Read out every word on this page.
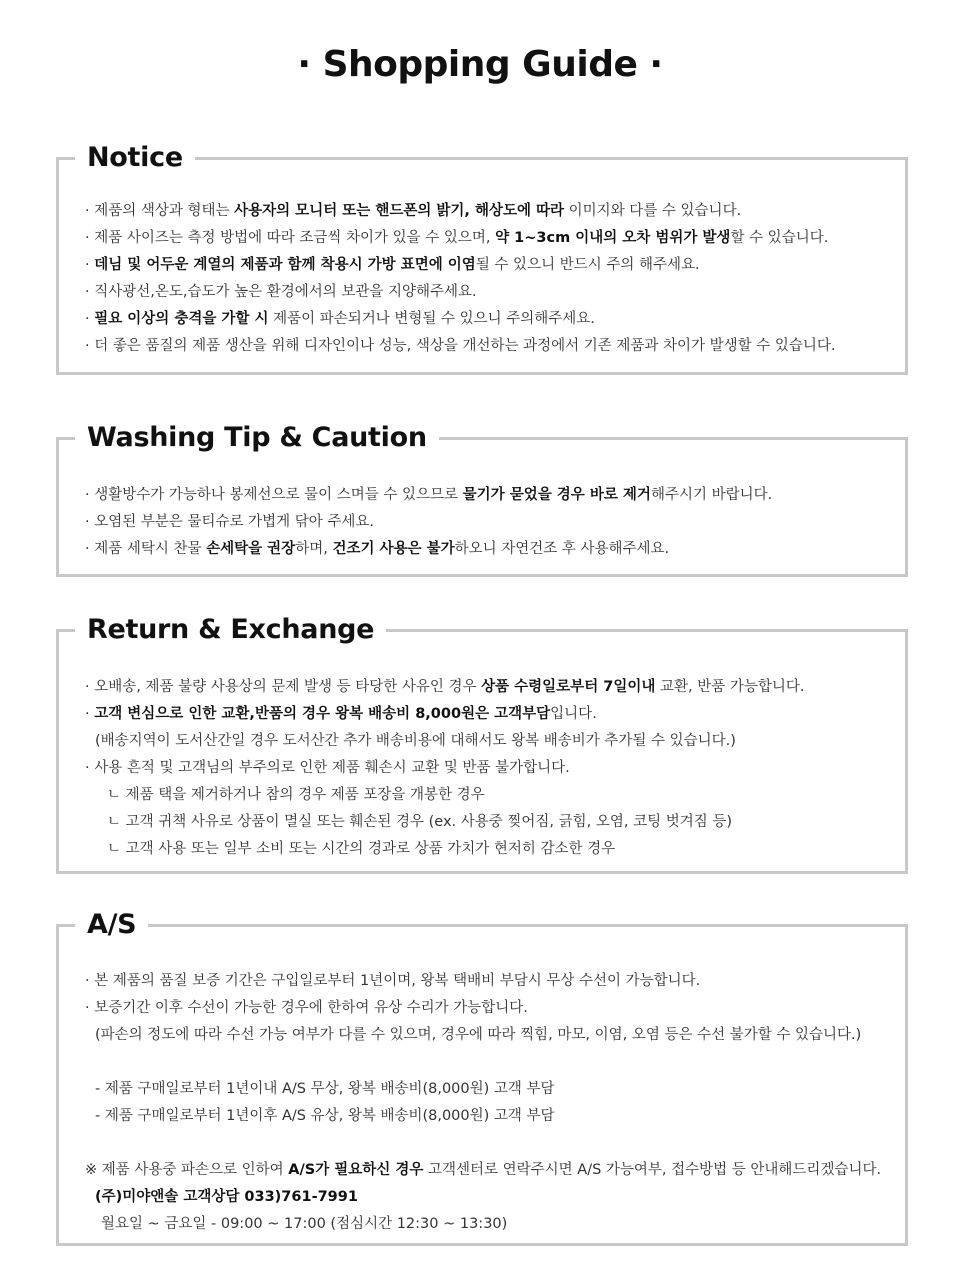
· Shopping Guide ·
Notice
· 제품의 색상과 형태는 사용자의 모니터 또는 핸드폰의 밝기, 해상도에 따라 이미지와 다를 수 있습니다.
· 제품 사이즈는 측정 방법에 따라 조금씩 차이가 있을 수 있으며, 약 1~3cm 이내의 오차 범위가 발생할 수 있습니다.
· 데님 및 어두운 계열의 제품과 함께 착용시 가방 표면에 이염될 수 있으니 반드시 주의 해주세요.
· 직사광선,온도,습도가 높은 환경에서의 보관을 지양해주세요.
· 필요 이상의 충격을 가할 시 제품이 파손되거나 변형될 수 있으니 주의해주세요.
· 더 좋은 품질의 제품 생산을 위해 디자인이나 성능, 색상을 개선하는 과정에서 기존 제품과 차이가 발생할 수 있습니다.
Washing Tip & Caution
· 생활방수가 가능하나 봉제선으로 물이 스며들 수 있으므로 물기가 묻었을 경우 바로 제거해주시기 바랍니다.
· 오염된 부분은 물티슈로 가볍게 닦아 주세요.
· 제품 세탁시 찬물 손세탁을 권장하며, 건조기 사용은 불가하오니 자연건조 후 사용해주세요.
Return & Exchange
· 오배송, 제품 불량 사용상의 문제 발생 등 타당한 사유인 경우 상품 수령일로부터 7일이내 교환, 반품 가능합니다.
· 고객 변심으로 인한 교환,반품의 경우 왕복 배송비 8,000원은 고객부담입니다.
(배송지역이 도서산간일 경우 도서산간 추가 배송비용에 대해서도 왕복 배송비가 추가될 수 있습니다.)
· 사용 흔적 및 고객님의 부주의로 인한 제품 훼손시 교환 및 반품 불가합니다.
ㄴ 제품 택을 제거하거나 참의 경우 제품 포장을 개봉한 경우
ㄴ 고객 귀책 사유로 상품이 멸실 또는 훼손된 경우 (ex. 사용중 찢어짐, 긁힘, 오염, 코팅 벗겨짐 등)
ㄴ 고객 사용 또는 일부 소비 또는 시간의 경과로 상품 가치가 현저히 감소한 경우
A/S
· 본 제품의 품질 보증 기간은 구입일로부터 1년이며, 왕복 택배비 부담시 무상 수선이 가능합니다.
· 보증기간 이후 수선이 가능한 경우에 한하여 유상 수리가 가능합니다.
(파손의 정도에 따라 수선 가능 여부가 다를 수 있으며, 경우에 따라 찍힘, 마모, 이염, 오염 등은 수선 불가할 수 있습니다.)
- 제품 구매일로부터 1년이내 A/S 무상, 왕복 배송비(8,000원) 고객 부담
- 제품 구매일로부터 1년이후 A/S 유상, 왕복 배송비(8,000원) 고객 부담
※ 제품 사용중 파손으로 인하여 A/S가 필요하신 경우 고객센터로 연락주시면 A/S 가능여부, 접수방법 등 안내해드리겠습니다.
(주)미야앤솔 고객상담 033)761-7991
월요일 ~ 금요일 - 09:00 ~ 17:00 (점심시간 12:30 ~ 13:30)
